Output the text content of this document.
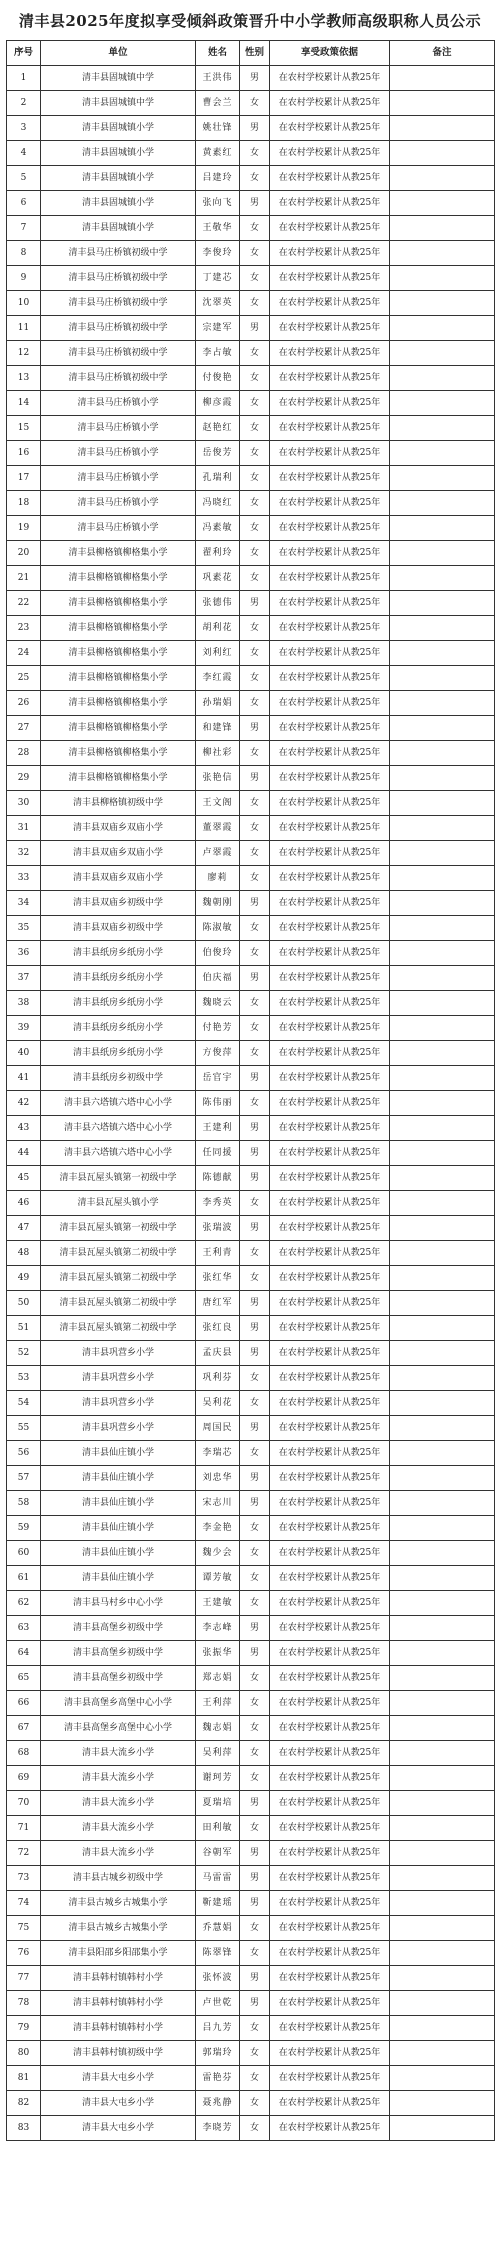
清丰县2025年度拟享受倾斜政策晋升中小学教师高级职称人员公示
序号	单位	姓名	性别	享受政策依据	备注
1	清丰县固城镇中学	王洪伟	男	在农村学校累计从教25年	
2	清丰县固城镇中学	曹会兰	女	在农村学校累计从教25年	
3	清丰县固城镇小学	姚壮锋	男	在农村学校累计从教25年	
4	清丰县固城镇小学	黄素红	女	在农村学校累计从教25年	
5	清丰县固城镇小学	吕建玲	女	在农村学校累计从教25年	
6	清丰县固城镇小学	张向飞	男	在农村学校累计从教25年	
7	清丰县固城镇小学	王敬华	女	在农村学校累计从教25年	
8	清丰县马庄桥镇初级中学	李俊玲	女	在农村学校累计从教25年	
9	清丰县马庄桥镇初级中学	丁建芯	女	在农村学校累计从教25年	
10	清丰县马庄桥镇初级中学	沈翠英	女	在农村学校累计从教25年	
11	清丰县马庄桥镇初级中学	宗建军	男	在农村学校累计从教25年	
12	清丰县马庄桥镇初级中学	李占敏	女	在农村学校累计从教25年	
13	清丰县马庄桥镇初级中学	付俊艳	女	在农村学校累计从教25年	
14	清丰县马庄桥镇小学	柳彦霞	女	在农村学校累计从教25年	
15	清丰县马庄桥镇小学	赵艳红	女	在农村学校累计从教25年	
16	清丰县马庄桥镇小学	岳俊芳	女	在农村学校累计从教25年	
17	清丰县马庄桥镇小学	孔瑞利	女	在农村学校累计从教25年	
18	清丰县马庄桥镇小学	冯晓红	女	在农村学校累计从教25年	
19	清丰县马庄桥镇小学	冯素敏	女	在农村学校累计从教25年	
20	清丰县柳格镇柳格集小学	翟利玲	女	在农村学校累计从教25年	
21	清丰县柳格镇柳格集小学	巩素花	女	在农村学校累计从教25年	
22	清丰县柳格镇柳格集小学	张德伟	男	在农村学校累计从教25年	
23	清丰县柳格镇柳格集小学	胡利花	女	在农村学校累计从教25年	
24	清丰县柳格镇柳格集小学	刘利红	女	在农村学校累计从教25年	
25	清丰县柳格镇柳格集小学	李红霞	女	在农村学校累计从教25年	
26	清丰县柳格镇柳格集小学	孙瑞娟	女	在农村学校累计从教25年	
27	清丰县柳格镇柳格集小学	和建锋	男	在农村学校累计从教25年	
28	清丰县柳格镇柳格集小学	柳社彩	女	在农村学校累计从教25年	
29	清丰县柳格镇柳格集小学	张艳信	男	在农村学校累计从教25年	
30	清丰县柳格镇初级中学	王文阁	女	在农村学校累计从教25年	
31	清丰县双庙乡双庙小学	董翠霞	女	在农村学校累计从教25年	
32	清丰县双庙乡双庙小学	卢翠霞	女	在农村学校累计从教25年	
33	清丰县双庙乡双庙小学	廖莉	女	在农村学校累计从教25年	
34	清丰县双庙乡初级中学	魏朝刚	男	在农村学校累计从教25年	
35	清丰县双庙乡初级中学	陈淑敏	女	在农村学校累计从教25年	
36	清丰县纸房乡纸房小学	伯俊玲	女	在农村学校累计从教25年	
37	清丰县纸房乡纸房小学	伯庆福	男	在农村学校累计从教25年	
38	清丰县纸房乡纸房小学	魏晓云	女	在农村学校累计从教25年	
39	清丰县纸房乡纸房小学	付艳芳	女	在农村学校累计从教25年	
40	清丰县纸房乡纸房小学	方俊萍	女	在农村学校累计从教25年	
41	清丰县纸房乡初级中学	岳官宇	男	在农村学校累计从教25年	
42	清丰县六塔镇六塔中心小学	陈伟丽	女	在农村学校累计从教25年	
43	清丰县六塔镇六塔中心小学	王建利	男	在农村学校累计从教25年	
44	清丰县六塔镇六塔中心小学	任同援	男	在农村学校累计从教25年	
45	清丰县瓦屋头镇第一初级中学	陈德献	男	在农村学校累计从教25年	
46	清丰县瓦屋头镇小学	李秀英	女	在农村学校累计从教25年	
47	清丰县瓦屋头镇第一初级中学	张瑞波	男	在农村学校累计从教25年	
48	清丰县瓦屋头镇第二初级中学	王利青	女	在农村学校累计从教25年	
49	清丰县瓦屋头镇第二初级中学	张红华	女	在农村学校累计从教25年	
50	清丰县瓦屋头镇第二初级中学	唐红军	男	在农村学校累计从教25年	
51	清丰县瓦屋头镇第二初级中学	张红良	男	在农村学校累计从教25年	
52	清丰县巩营乡小学	孟庆县	男	在农村学校累计从教25年	
53	清丰县巩营乡小学	巩利芬	女	在农村学校累计从教25年	
54	清丰县巩营乡小学	吴利花	女	在农村学校累计从教25年	
55	清丰县巩营乡小学	周国民	男	在农村学校累计从教25年	
56	清丰县仙庄镇小学	李瑞芯	女	在农村学校累计从教25年	
57	清丰县仙庄镇小学	刘忠华	男	在农村学校累计从教25年	
58	清丰县仙庄镇小学	宋志川	男	在农村学校累计从教25年	
59	清丰县仙庄镇小学	李金艳	女	在农村学校累计从教25年	
60	清丰县仙庄镇小学	魏少会	女	在农村学校累计从教25年	
61	清丰县仙庄镇小学	谭芳敏	女	在农村学校累计从教25年	
62	清丰县马村乡中心小学	王建敏	女	在农村学校累计从教25年	
63	清丰县高堡乡初级中学	李志峰	男	在农村学校累计从教25年	
64	清丰县高堡乡初级中学	张振华	男	在农村学校累计从教25年	
65	清丰县高堡乡初级中学	郑志娟	女	在农村学校累计从教25年	
66	清丰县高堡乡高堡中心小学	王利萍	女	在农村学校累计从教25年	
67	清丰县高堡乡高堡中心小学	魏志娟	女	在农村学校累计从教25年	
68	清丰县大流乡小学	吴利萍	女	在农村学校累计从教25年	
69	清丰县大流乡小学	谢珂芳	女	在农村学校累计从教25年	
70	清丰县大流乡小学	夏瑞培	男	在农村学校累计从教25年	
71	清丰县大流乡小学	田利敏	女	在农村学校累计从教25年	
72	清丰县大流乡小学	谷朝军	男	在农村学校累计从教25年	
73	清丰县古城乡初级中学	马雷雷	男	在农村学校累计从教25年	
74	清丰县古城乡古城集小学	靳建瑶	男	在农村学校累计从教25年	
75	清丰县古城乡古城集小学	乔慧娟	女	在农村学校累计从教25年	
76	清丰县阳邵乡阳邵集小学	陈翠锋	女	在农村学校累计从教25年	
77	清丰县韩村镇韩村小学	张怀波	男	在农村学校累计从教25年	
78	清丰县韩村镇韩村小学	卢世乾	男	在农村学校累计从教25年	
79	清丰县韩村镇韩村小学	吕九芳	女	在农村学校累计从教25年	
80	清丰县韩村镇初级中学	郭瑞玲	女	在农村学校累计从教25年	
81	清丰县大屯乡小学	雷艳芬	女	在农村学校累计从教25年	
82	清丰县大屯乡小学	聂兆静	女	在农村学校累计从教25年	
83	清丰县大屯乡小学	李晓芳	女	在农村学校累计从教25年	
